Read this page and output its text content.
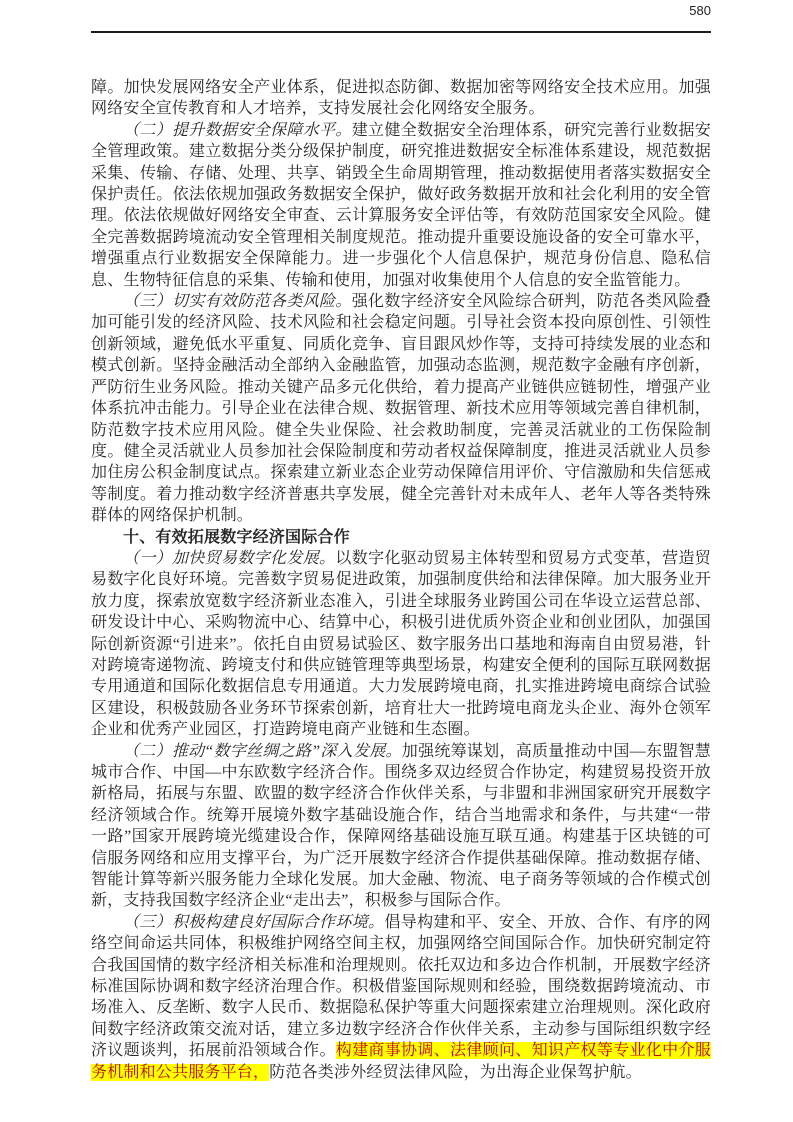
580

障。加快发展网络安全产业体系，促进拟态防御、数据加密等网络安全技术应用。加强网络安全宣传教育和人才培养，支持发展社会化网络安全服务。

（二）提升数据安全保障水平。建立健全数据安全治理体系，研究完善行业数据安全管理政策。建立数据分类分级保护制度，研究推进数据安全标准体系建设，规范数据采集、传输、存储、处理、共享、销毁全生命周期管理，推动数据使用者落实数据安全保护责任。依法依规加强政务数据安全保护，做好政务数据开放和社会化利用的安全管理。依法依规做好网络安全审查、云计算服务安全评估等，有效防范国家安全风险。健全完善数据跨境流动安全管理相关制度规范。推动提升重要设施设备的安全可靠水平，增强重点行业数据安全保障能力。进一步强化个人信息保护，规范身份信息、隐私信息、生物特征信息的采集、传输和使用，加强对收集使用个人信息的安全监管能力。

（三）切实有效防范各类风险。强化数字经济安全风险综合研判，防范各类风险叠加可能引发的经济风险、技术风险和社会稳定问题。引导社会资本投向原创性、引领性创新领域，避免低水平重复、同质化竞争、盲目跟风炒作等，支持可持续发展的业态和模式创新。坚持金融活动全部纳入金融监管，加强动态监测，规范数字金融有序创新，严防衍生业务风险。推动关键产品多元化供给，着力提高产业链供应链韧性，增强产业体系抗冲击能力。引导企业在法律合规、数据管理、新技术应用等领域完善自律机制，防范数字技术应用风险。健全失业保险、社会救助制度，完善灵活就业的工伤保险制度。健全灵活就业人员参加社会保险制度和劳动者权益保障制度，推进灵活就业人员参加住房公积金制度试点。探索建立新业态企业劳动保障信用评价、守信激励和失信惩戒等制度。着力推动数字经济普惠共享发展，健全完善针对未成年人、老年人等各类特殊群体的网络保护机制。

十、有效拓展数字经济国际合作

（一）加快贸易数字化发展。以数字化驱动贸易主体转型和贸易方式变革，营造贸易数字化良好环境。完善数字贸易促进政策，加强制度供给和法律保障。加大服务业开放力度，探索放宽数字经济新业态准入，引进全球服务业跨国公司在华设立运营总部、研发设计中心、采购物流中心、结算中心，积极引进优质外资企业和创业团队，加强国际创新资源“引进来”。依托自由贸易试验区、数字服务出口基地和海南自由贸易港，针对跨境寄递物流、跨境支付和供应链管理等典型场景，构建安全便利的国际互联网数据专用通道和国际化数据信息专用通道。大力发展跨境电商，扎实推进跨境电商综合试验区建设，积极鼓励各业务环节探索创新，培育壮大一批跨境电商龙头企业、海外仓领军企业和优秀产业园区，打造跨境电商产业链和生态圈。

（二）推动“数字丝绸之路”深入发展。加强统筹谋划，高质量推动中国—东盟智慧城市合作、中国—中东欧数字经济合作。围绕多双边经贸合作协定，构建贸易投资开放新格局，拓展与东盟、欧盟的数字经济合作伙伴关系，与非盟和非洲国家研究开展数字经济领域合作。统筹开展境外数字基础设施合作，结合当地需求和条件，与共建“一带一路”国家开展跨境光缆建设合作，保障网络基础设施互联互通。构建基于区块链的可信服务网络和应用支撑平台，为广泛开展数字经济合作提供基础保障。推动数据存储、智能计算等新兴服务能力全球化发展。加大金融、物流、电子商务等领域的合作模式创新，支持我国数字经济企业“走出去”，积极参与国际合作。

（三）积极构建良好国际合作环境。倡导构建和平、安全、开放、合作、有序的网络空间命运共同体，积极维护网络空间主权，加强网络空间国际合作。加快研究制定符合我国国情的数字经济相关标准和治理规则。依托双边和多边合作机制，开展数字经济标准国际协调和数字经济治理合作。积极借鉴国际规则和经验，围绕数据跨境流动、市场准入、反垄断、数字人民币、数据隐私保护等重大问题探索建立治理规则。深化政府间数字经济政策交流对话，建立多边数字经济合作伙伴关系，主动参与国际组织数字经济议题谈判，拓展前沿领域合作。构建商事协调、法律顾问、知识产权等专业化中介服务机制和公共服务平台，防范各类涉外经贸法律风险，为出海企业保驾护航。
